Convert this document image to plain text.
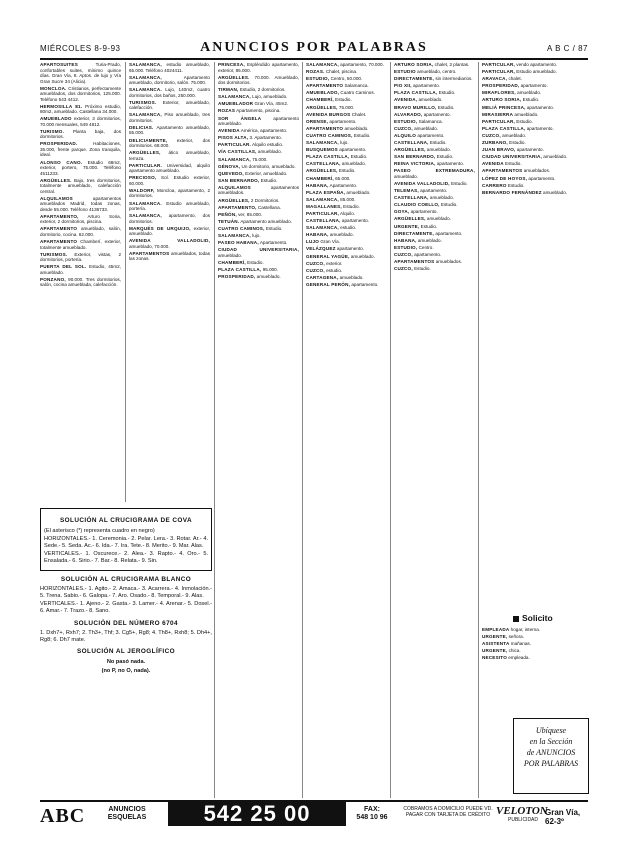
MIÉRCOLES 8-9-93	ANUNCIOS POR PALABRAS	A B C / 87

APARTOSUITES	Turia-Prado, confortables suites, mínimo quince días. Gran Vía, 8. Aptos. de lujo y Vía Gran Sucre 34 (Alicia).

MONCLOA. Cristianos, perfectamente amueblados, dos dormitorios, 125.000. Teléfono 543 4412.

HERMOSILLA 81. Próximo estudio, 80m2, amueblado. Castellana 34.000.

AMUEBLADO exterior, 3 dormitorios, 70.000 mensuales, 549 4812.

TURISMO. Planta baja, dos dormitorios.

PROSPERIDAD.	Habitaciones, 35.000, frente parque. Zona tranquila, ideal.

ALONSO CANO. Estudio 68m2, exterior, portero, 75.000. Teléfono 4511233.

ARGÜELLES. Bajo, tres dormitorios, totalmente amueblado, calefacción central.

ALQUILAMOS	apartamentos amueblados Madrid, todas zonas, desde 55.000. Teléfono 4136733.

APARTAMENTO, Arturo Soria, exterior, 2 dormitorios, piscina.

APARTAMENTO amueblado, salón, dormitorio, cocina. 62.000.

APARTAMENTO Chamberí, exterior, totalmente amueblado.

TURISMOS. Exterior, vistas, 2 dormitorios, portería.

PUERTA DEL SOL. Estudio, 45m2, amueblado.

PONZANO, 90.000. Tres dormitorios, salón, cocina amueblada, calefacción.

SALAMANCA, estudio amueblado, 65.000. Teléfono 4024411.

SALAMANCA,	Apartamento amueblado, dormitorio, salón. 75.000.

SALAMANCA. Lujo, 140m2, cuatro dormitorios, dos baños, 250.000.

TURISMOS. Exterior, amueblado, calefacción.

SALAMANCA, Piso amueblado, tres dormitorios.

DELICIAS. Apartamento amueblado, 55.000.

DELICIAMENTE, exterior, dos dormitorios. 68.000.

ARGÜELLES, ático amueblado, terraza.

PARTICULAR. Universidad, alquilo apartamento amueblado.

PRECIOSO, Sol. Estudio exterior, 60.000.

WALDORF, Moncloa, apartamento, 2 dormitorios.

SALAMANCA. Estudio amueblado, portería.

SALAMANCA, apartamento, dos dormitorios.

MARQUÉS DE URQUIJO, exterior, amueblado.

AVENIDA VALLADOLID, amueblado, 70.000.

APARTAMENTOS amueblados, todas las zonas.

PRINCESA, Espléndido apartamento, exterior, 85.000.

ARGÜELLES. 70.000. Amueblado, dos dormitorios.

TIRMAN, Estudio, 2 dormitorios.

SALAMANCA, Lujo, amueblado.

AMUEBLADOR Gran Vía, 45m2.

ROZAS Apartamento, piscina.

SOR ÁNGELA	apartamento amueblado.

AVENIDA América, apartamento.

PISOS ALTA, 3. Apartamento.

PARTICULAR. Alquilo estudio.

VÍA CASTILLAS, amueblado.

SALAMANCA, 75.000.

GÉNOVA, Un dormitorio, amueblado.

QUEVEDO, Exterior, amueblado.

SAN BERNARDO, Estudio.

ALQUILAMOS	apartamentos amueblados.

ARGÜELLES, 2 Dormitorios.

APARTAMENTO, Castellana.

PEÑÓN, ver, 85.000.

TETUÁN. Apartamento amueblado.

CUATRO CAMINOS, Estudio.

SALAMANCA, lujo.

PASEO HABANA, Apartamento.

CIUDAD UNIVERSITARIA, amueblado.

CHAMBERÍ, Estudio.

PLAZA CASTILLA, 95.000.

PROSPERIDAD, amueblado.

SALAMANCA, apartamento, 70.000.

ROZAS. Chalet, piscina.

ESTUDIO, Centro, 50.000.

APARTAMENTO Salamanca.

AMUEBLADO, Cuatro Caminos.

CHAMBERÍ, Estudio.

ARGÜELLES, 75.000.

AVENIDA BURGOS Chalet.

ORENSE, apartamento.

APARTAMENTO amueblado.

CUATRO CAMINOS, Estudio.

SALAMANCA, lujo.

BUSQUEMOS apartamento.

PLAZA CASTILLA, Estudio.

CASTELLANA, amueblado.

ARGÜELLES, Estudio.

CHAMBERÍ, 65.000.

HABANA, Apartamento.

PLAZA ESPAÑA, amueblado.

SALAMANCA, 85.000.

MAGALLANES, Estudio.

PARTICULAR, Alquilo.

CASTELLANA, apartamento.

SALAMANCA, estudio.

HABANA, amueblado.

LUJO Gran Vía.

VELÁZQUEZ apartamento.

GENERAL YAGÜE, amueblado.

CUZCO, exterior.

CUZCO, estudio.

CARTAGENA, amueblado.

GENERAL PERÓN, apartamento.

ARTURO SORIA, chalet, 2 plantas.

ESTUDIO amueblado, centro.

DIRECTAMENTE, sin intermediarios.

PIO XII, apartamento.

PLAZA CASTILLA, Estudio.

AVENIDA, amueblado.

BRAVO MURILLO, Estudio.

ALVARADO, apartamento.

ESTUDIO, Salamanca.

CUZCO, amueblado.

ALQUILO apartamento.

CASTELLANA, Estudio.

ARGÜELLES, amueblado.

SAN BERNARDO, Estudio.

REINA VICTORIA, apartamento.

PASEO EXTREMADURA, amueblado.

AVENIDA VALLADOLID, Estudio.

TELEMAS, apartamento.

CASTELLANA, amueblado.

CLAUDIO COELLO, Estudio.

GOYA, apartamento.

ARGÜELLES, amueblado.

URGENTE, Estudio.

DIRECTAMENTE, apartamento.

HABANA, amueblado.

ESTUDIO, Centro.

CUZCO, apartamento.

APARTAMENTOS amueblados.

CUZCO, Estudio.

PARTICULAR, vendo apartamento.

PARTICULAR, Estudio amueblado.

ARAVACA, chalet.

PROSPERIDAD, apartamento.

MIRAFLORES, amueblado.

ARTURO SORIA, Estudio.

MELIÁ PRINCESA, apartamento.

MIRASIERRA amueblado.

PARTICULAR, Estudio.

PLAZA CASTILLA, apartamento.

CUZCO, amueblado.

ZURBANO, Estudio.

JUAN BRAVO, apartamento.

CIUDAD UNIVERSITARIA, amueblado.

AVENIDA Estudio.

APARTAMENTOS amueblados.

LÓPEZ DE HOYOS, apartamento.

CARRERO Estudio.

BERNARDO FERNÁNDEZ amueblado.

Solicito

EMPLEADA hogar, interna.

URGENTE, señora.

ASISTENTA mañanas.

URGENTE, chica.

NECESITO empleada.

Ubíquese
en la Sección
de ANUNCIOS
POR PALABRAS
SOLUCIÓN AL CRUCIGRAMA DE COVA

(El asterisco (*) representa cuadro en negro)

HORIZONTALES.- 1. Ceremonia.- 2. Pelar. Lera.- 3. Rotar. Ar.- 4. Sede.- 5. Seda. Ac.- 6. Ida.- 7. Ira. Tete.- 8. Merito.- 9. Mar. Alas.

VERTICALES.- 1. Oscurece.- 2. Alea.- 3. Rapto.- 4. Oro.- 5. Ensalada.- 6. Sirio.- 7. Bar.- 8. Relata.- 9. Sin.

SOLUCIÓN AL CRUCIGRAMA BLANCO

HORIZONTALES.- 1. Agito.- 2. Amaca.- 3. Acarrera.- 4. Inmolación.- 5. Trena. Sabio.- 6. Galopa.- 7. Aro. Osado.- 8. Temporal.- 9. Alas.

VERTICALES.- 1. Ajeno.- 2. Gasta.- 3. Lamer.- 4. Arenar.- 5. Dosel.- 6. Amar.- 7. Trazo.- 8. Sano.

SOLUCIÓN DEL NÚMERO 6704

1. Dxh7+, Rxh7; 2. Th3+, Thf; 3. Cg5+, Rg8; 4. Th8+, Rxh8; 5. Dh4+, Rg8; 6. Dh7 mate.

SOLUCIÓN AL JEROGLÍFICO

No pasó nada.

(no P, no O, nada).

ABC	ANUNCIOS ESQUELAS	542 25 00	FAX:
548 10 96
COBRAMOS A DOMICILIO PUEDE VD. PAGAR CON TARJETA DE CRÉDITO VELOTON
PUBLICIDAD
Gran Vía, 62-3º
